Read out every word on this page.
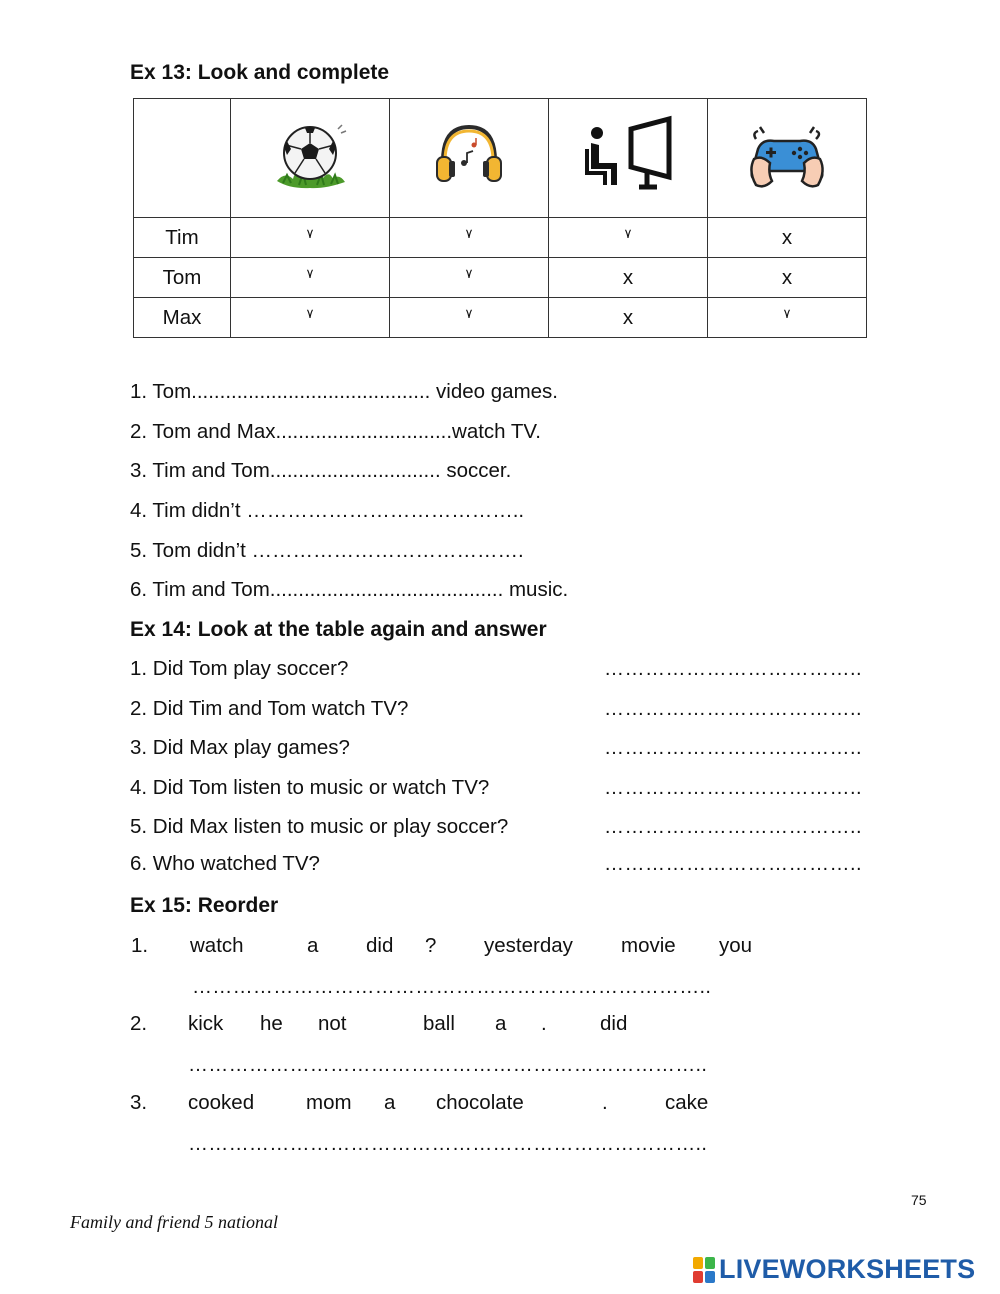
Ex 13: Look and complete

Tim	٧	٧	٧	x
Tom	٧	٧	x	x
Max	٧	٧	x	٧
1. Tom.......................................... video games.
2. Tom and Max...............................watch TV.
3. Tim and Tom.............................. soccer.
4. Tim didn’t …………………………………..
5. Tom didn’t ………………………………….
6. Tim and Tom......................................... music.
Ex 14: Look at the table again and answer
1. Did Tom play soccer?	………………………………..
2. Did Tim and Tom watch TV?	………………………………..
3. Did Max play games?	………………………………..
4. Did Tom listen to music or watch TV?	………………………………..
5. Did Max listen to music or play soccer?	………………………………..
6. Who watched TV?	………………………………..
Ex 15: Reorder
1. watch	a did ? yesterday movie you
…………………………………………………………………..
2. kick he not	ball a .	did
…………………………………………………………………..
3. cooked	mom a chocolate	.	cake
…………………………………………………………………..
75
Family and friend 5 national
LIVEWORKSHEETS
